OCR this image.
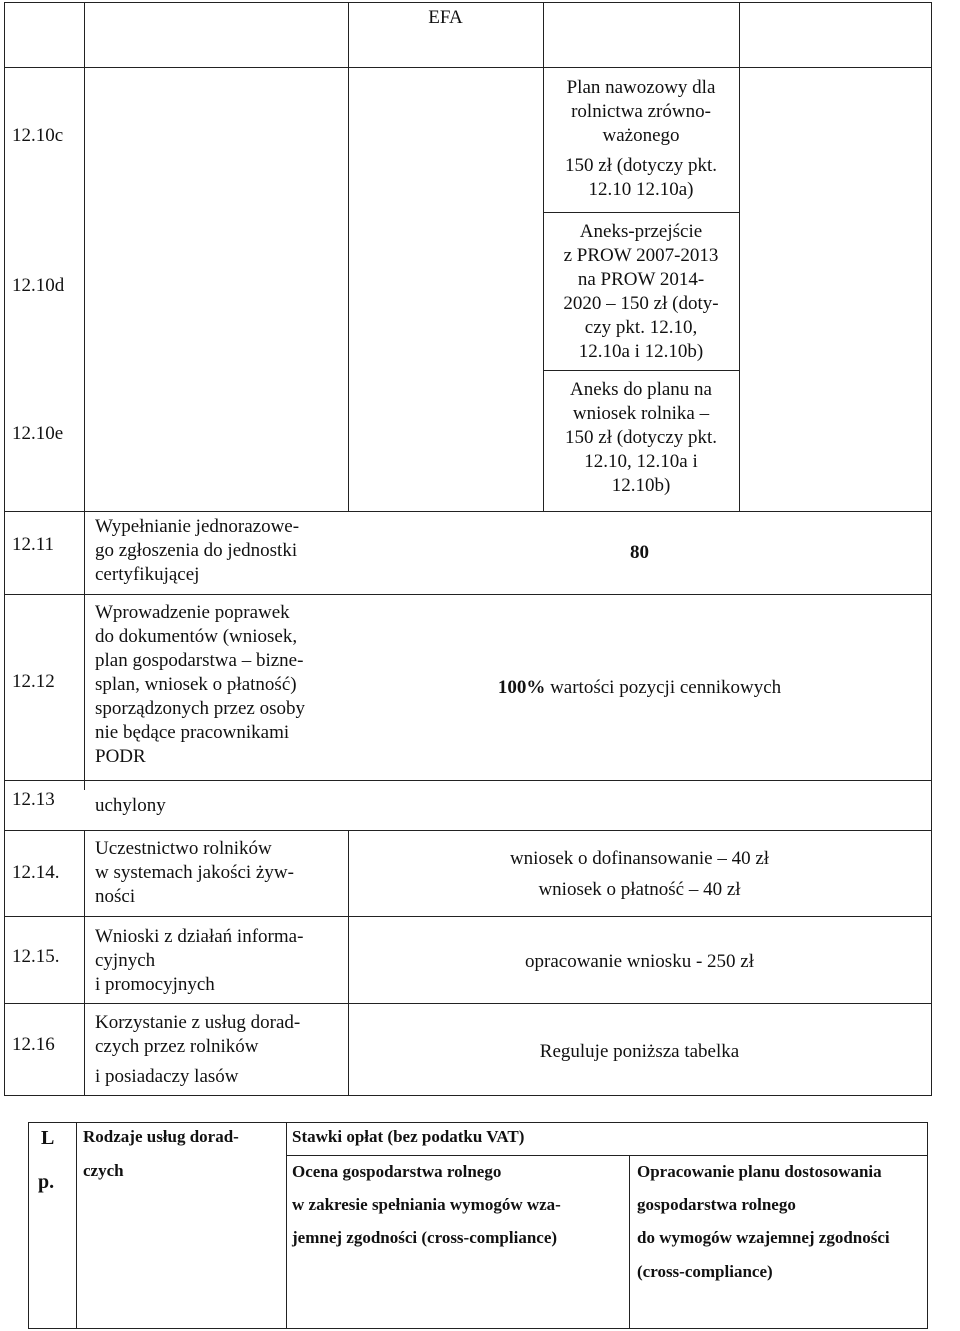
EFA
12.10c
Plan nawozowy dla
rolnictwa zrówno-
ważonego
150 zł (dotyczy pkt.
12.10 12.10a)
12.10d
Aneks-przejście
z PROW 2007-2013
na PROW 2014-
2020 – 150 zł (doty-
czy pkt. 12.10,
12.10a i 12.10b)
12.10e
Aneks do planu na
wniosek rolnika –
150 zł (dotyczy pkt.
12.10, 12.10a i
12.10b)
12.11
Wypełnianie jednorazowe-
go zgłoszenia do jednostki
certyfikującej
80
12.12
Wprowadzenie poprawek
do dokumentów (wniosek,
plan gospodarstwa – bizne-
splan, wniosek o płatność)
sporządzonych przez osoby
nie będące pracownikami
PODR
100% wartości pozycji cennikowych
12.13 uchylony
12.14.
Uczestnictwo rolników
w systemach jakości żyw-
ności
wniosek o dofinansowanie – 40 zł
wniosek o płatność – 40 zł
12.15.
Wnioski z działań informa-
cyjnych
i promocyjnych
opracowanie wniosku - 250 zł
12.16
Korzystanie z usług dorad-
czych przez rolników
i posiadaczy lasów
Reguluje poniższa tabelka
L
p.
Rodzaje usług dorad-
czych
Stawki opłat (bez podatku VAT)
Ocena gospodarstwa rolnego
w zakresie spełniania wymogów wza-
jemnej zgodności (cross-compliance)
Opracowanie planu dostosowania
gospodarstwa rolnego
do wymogów wzajemnej zgodności
(cross-compliance)
